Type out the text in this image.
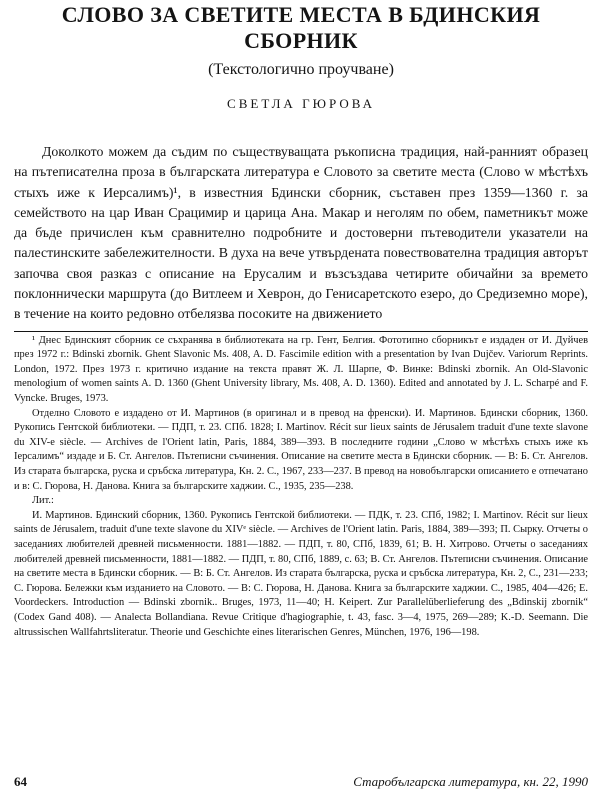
СЛОВО ЗА СВЕТИТЕ МЕСТА В БДИНСКИЯ СБОРНИК
(Текстологично проучване)
СВЕТЛА ГЮРОВА

Доколкото можем да съдим по съществуващата ръкописна традиция, най-ранният образец на пътеписателна проза в българската литература е Словото за светите места (Слово w мѣстѣхъ стыхъ иже к Иерсалимъ)¹, в известния Бдински сборник, съставен през 1359—1360 г. за семейството на цар Иван Срацимир и царица Ана. Макар и неголям по обем, паметникът може да бъде причислен към сравнително подробните и достоверни пътеводители указатели на палестинските забележителности. В духа на вече утвърдената повествователна традиция авторът започва своя разказ с описание на Ерусалим и възсъздава четирите обичайни за времето поклоннически маршрута (до Витлеем и Хеврон, до Генисаретското езеро, до Средиземно море), в течение на които редовно отбелязва посоките на движението

¹ Днес Бдинският сборник се съхранява в библиотеката на гр. Гент, Белгия. Фототипно сборникът е издаден от И. Дуйчев през 1972 г.: Bdinski zbornik. Ghent Slavonic Ms. 408, A. D. Fascimile edition with a presentation by Ivan Dujčev. Variorum Reprints. London, 1972. През 1973 г. критично издание на текста правят Ж. Л. Шарпе, Ф. Винке: Bdinski zbornik. An Old-Slavonic menologium of women saints A. D. 1360 (Ghent University library, Ms. 408, A. D. 1360). Edited and annotated by J. L. Scharpé and F. Vyncke. Bruges, 1973.

Отделно Словото е издадено от И. Мартинов (в оригинал и в превод на френски). И. Мартинов. Бдински сборник, 1360. Рукопись Гентской библиотеки. — ПДП, т. 23. СПб. 1828; I. Martinov. Récit sur lieux saints de Jérusalem traduit d'une texte slavone du XIV-e siècle. — Archives de l'Orient latin, Paris, 1884, 389—393. В последните години „Слово w мѣстѣхъ стыхъ иже къ Iерсалимъ“ издаде и Б. Ст. Ангелов. Пътеписни съчинения. Описание на светите места в Бдински сборник. — В: Б. Ст. Ангелов. Из старата българска, руска и сръбска литература, Кн. 2. С., 1967, 233—237. В превод на новобългарски описанието е отпечатано и в: С. Гюрова, Н. Данова. Книга за българските хаджии. С., 1935, 235—238.

Лит.:

И. Мартинов. Бдинский сборник, 1360. Рукопись Гентской библиотеки. — ПДК, т. 23. СПб, 1982; I. Martinov. Récit sur lieux saints de Jérusalem, traduit d'une texte slavone du XIVᵉ siècle. — Archives de l'Orient latin. Paris, 1884, 389—393; П. Сырку. Отчеты о заседаниях любителей древней письменности. 1881—1882. — ПДП, т. 80, СПб, 1839, 61; В. Н. Хитрово. Отчеты о заседаниях любителей древней письменности, 1881—1882. — ПДП, т. 80, СПб, 1889, с. 63; В. Ст. Ангелов. Пътеписни съчинения. Описание на светите места в Бдински сборник. — В: Б. Ст. Ангелов. Из старата българска, руска и сръбска литература, Кн. 2, С., 231—233; С. Гюрова. Бележки към изданието на Словото. — В: С. Гюрова, Н. Данова. Книга за българските хаджии. С., 1985, 404—426; Е. Voordeckers. Introduction — Bdinski zbornik.. Bruges, 1973, 11—40; Н. Keipert. Zur Parallelüberlieferung des „Bdinskij zbornik“ (Codex Gand 408). — Analecta Bollandiana. Revue Critique d'hagiographie, t. 43, fasc. 3—4, 1975, 269—289; K.-D. Seemann. Die altrussischen Wallfahrtsliteratur. Theorie und Geschichte eines literarischen Genres, München, 1976, 196—198.

64	Старобългарска литература, кн. 22, 1990
